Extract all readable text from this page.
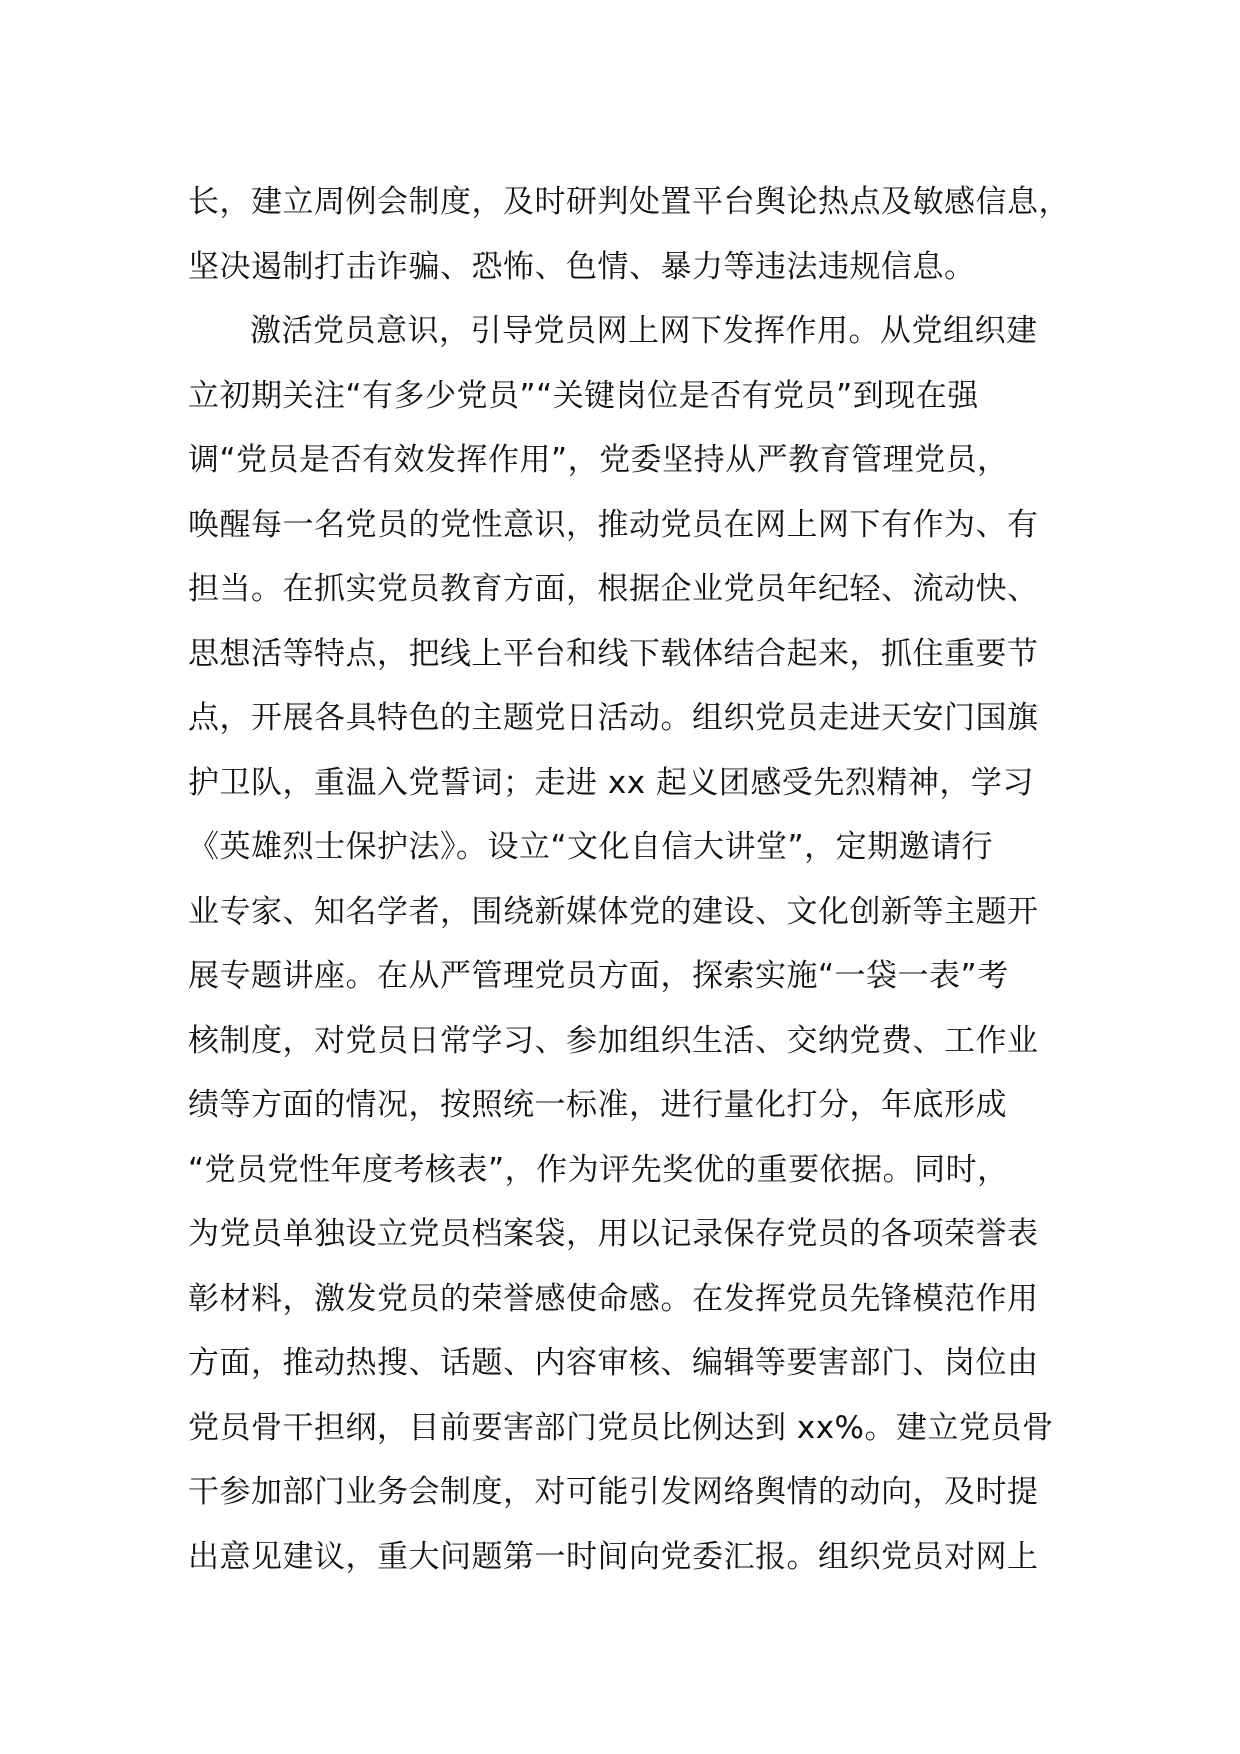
长，建立周例会制度，及时研判处置平台舆论热点及敏感信息，
坚决遏制打击诈骗、恐怖、色情、暴力等违法违规信息。
激活党员意识，引导党员网上网下发挥作用。从党组织建
立初期关注“有多少党员”“关键岗位是否有党员”到现在强
调“党员是否有效发挥作用”，党委坚持从严教育管理党员，
唤醒每一名党员的党性意识，推动党员在网上网下有作为、有
担当。在抓实党员教育方面，根据企业党员年纪轻、流动快、
思想活等特点，把线上平台和线下载体结合起来，抓住重要节
点，开展各具特色的主题党日活动。组织党员走进天安门国旗
护卫队，重温入党誓词；走进 xx 起义团感受先烈精神，学习
《英雄烈士保护法》。设立“文化自信大讲堂”，定期邀请行
业专家、知名学者，围绕新媒体党的建设、文化创新等主题开
展专题讲座。在从严管理党员方面，探索实施“一袋一表”考
核制度，对党员日常学习、参加组织生活、交纳党费、工作业
绩等方面的情况，按照统一标准，进行量化打分，年底形成
“党员党性年度考核表”，作为评先奖优的重要依据。同时，
为党员单独设立党员档案袋，用以记录保存党员的各项荣誉表
彰材料，激发党员的荣誉感使命感。在发挥党员先锋模范作用
方面，推动热搜、话题、内容审核、编辑等要害部门、岗位由
党员骨干担纲，目前要害部门党员比例达到 xx%。建立党员骨
干参加部门业务会制度，对可能引发网络舆情的动向，及时提
出意见建议，重大问题第一时间向党委汇报。组织党员对网上
